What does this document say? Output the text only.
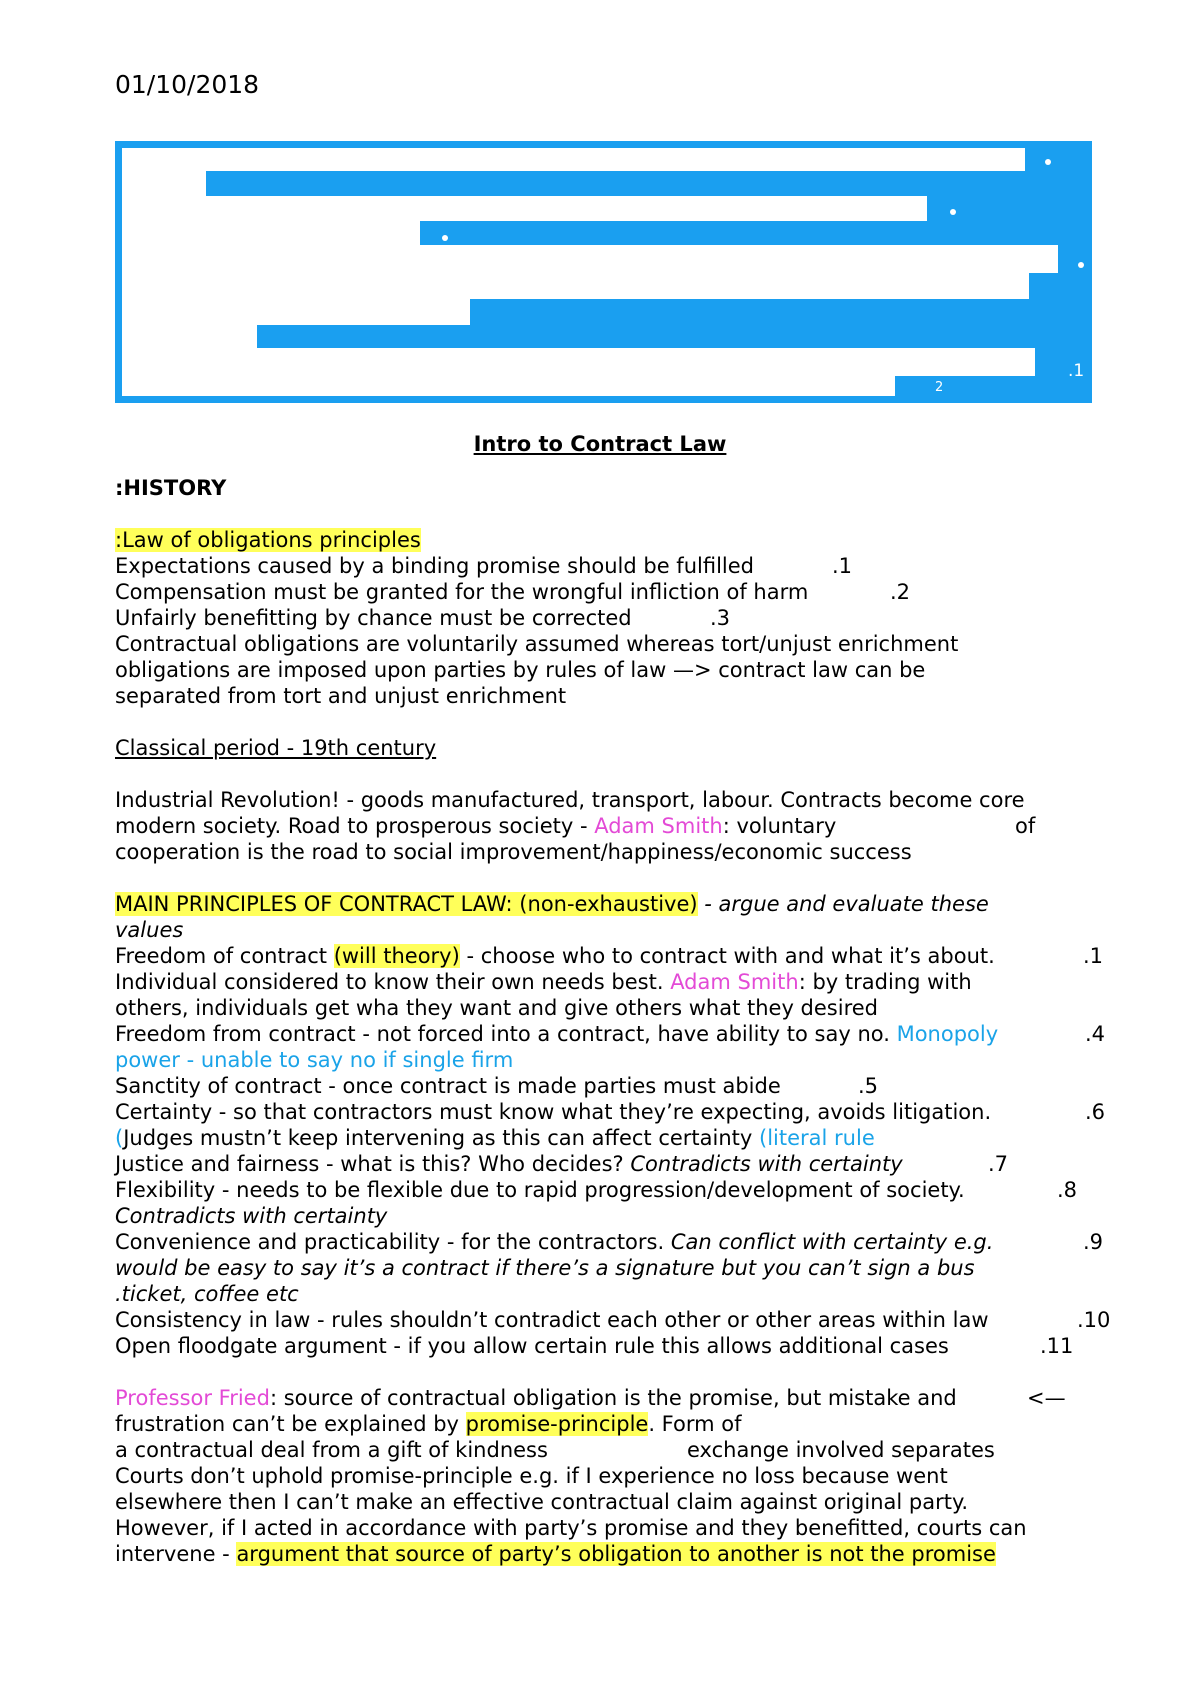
01/10/2018
.1
2
Intro to Contract Law
:HISTORY
:Law of obligations principles
Expectations caused by a binding promise should be fulfilled	.1
Compensation must be granted for the wrongful infliction of harm	.2
Unfairly benefitting by chance must be corrected	.3
Contractual obligations are voluntarily assumed whereas tort/unjust enrichment
obligations are imposed upon parties by rules of law —> contract law can be
separated from tort and unjust enrichment
Classical period - 19th century
Industrial Revolution! - goods manufactured, transport, labour. Contracts become core
modern society. Road to prosperous society - Adam Smith: voluntary	of
cooperation is the road to social improvement/happiness/economic success
MAIN PRINCIPLES OF CONTRACT LAW: (non-exhaustive) - argue and evaluate these
values
Freedom of contract (will theory) - choose who to contract with and what it’s about.	.1
Individual considered to know their own needs best. Adam Smith: by trading with
others, individuals get wha they want and give others what they desired
Freedom from contract - not forced into a contract, have ability to say no. Monopoly	.4
power - unable to say no if single firm
Sanctity of contract - once contract is made parties must abide	.5
Certainty - so that contractors must know what they’re expecting, avoids litigation.	.6
(Judges mustn’t keep intervening as this can affect certainty (literal rule
Justice and fairness - what is this? Who decides? Contradicts with certainty	.7
Flexibility - needs to be flexible due to rapid progression/development of society.	.8
Contradicts with certainty
Convenience and practicability - for the contractors. Can conflict with certainty e.g.	.9
would be easy to say it’s a contract if there’s a signature but you can’t sign a bus
.ticket, coffee etc
Consistency in law - rules shouldn’t contradict each other or other areas within law	.10
Open floodgate argument - if you allow certain rule this allows additional cases	.11
Professor Fried: source of contractual obligation is the promise, but mistake and	<—
frustration can’t be explained by promise-principle. Form of
a contractual deal from a gift of kindness	exchange involved separates
Courts don’t uphold promise-principle e.g. if I experience no loss because went
elsewhere then I can’t make an effective contractual claim against original party.
However, if I acted in accordance with party’s promise and they benefitted, courts can
intervene - argument that source of party’s obligation to another is not the promise
